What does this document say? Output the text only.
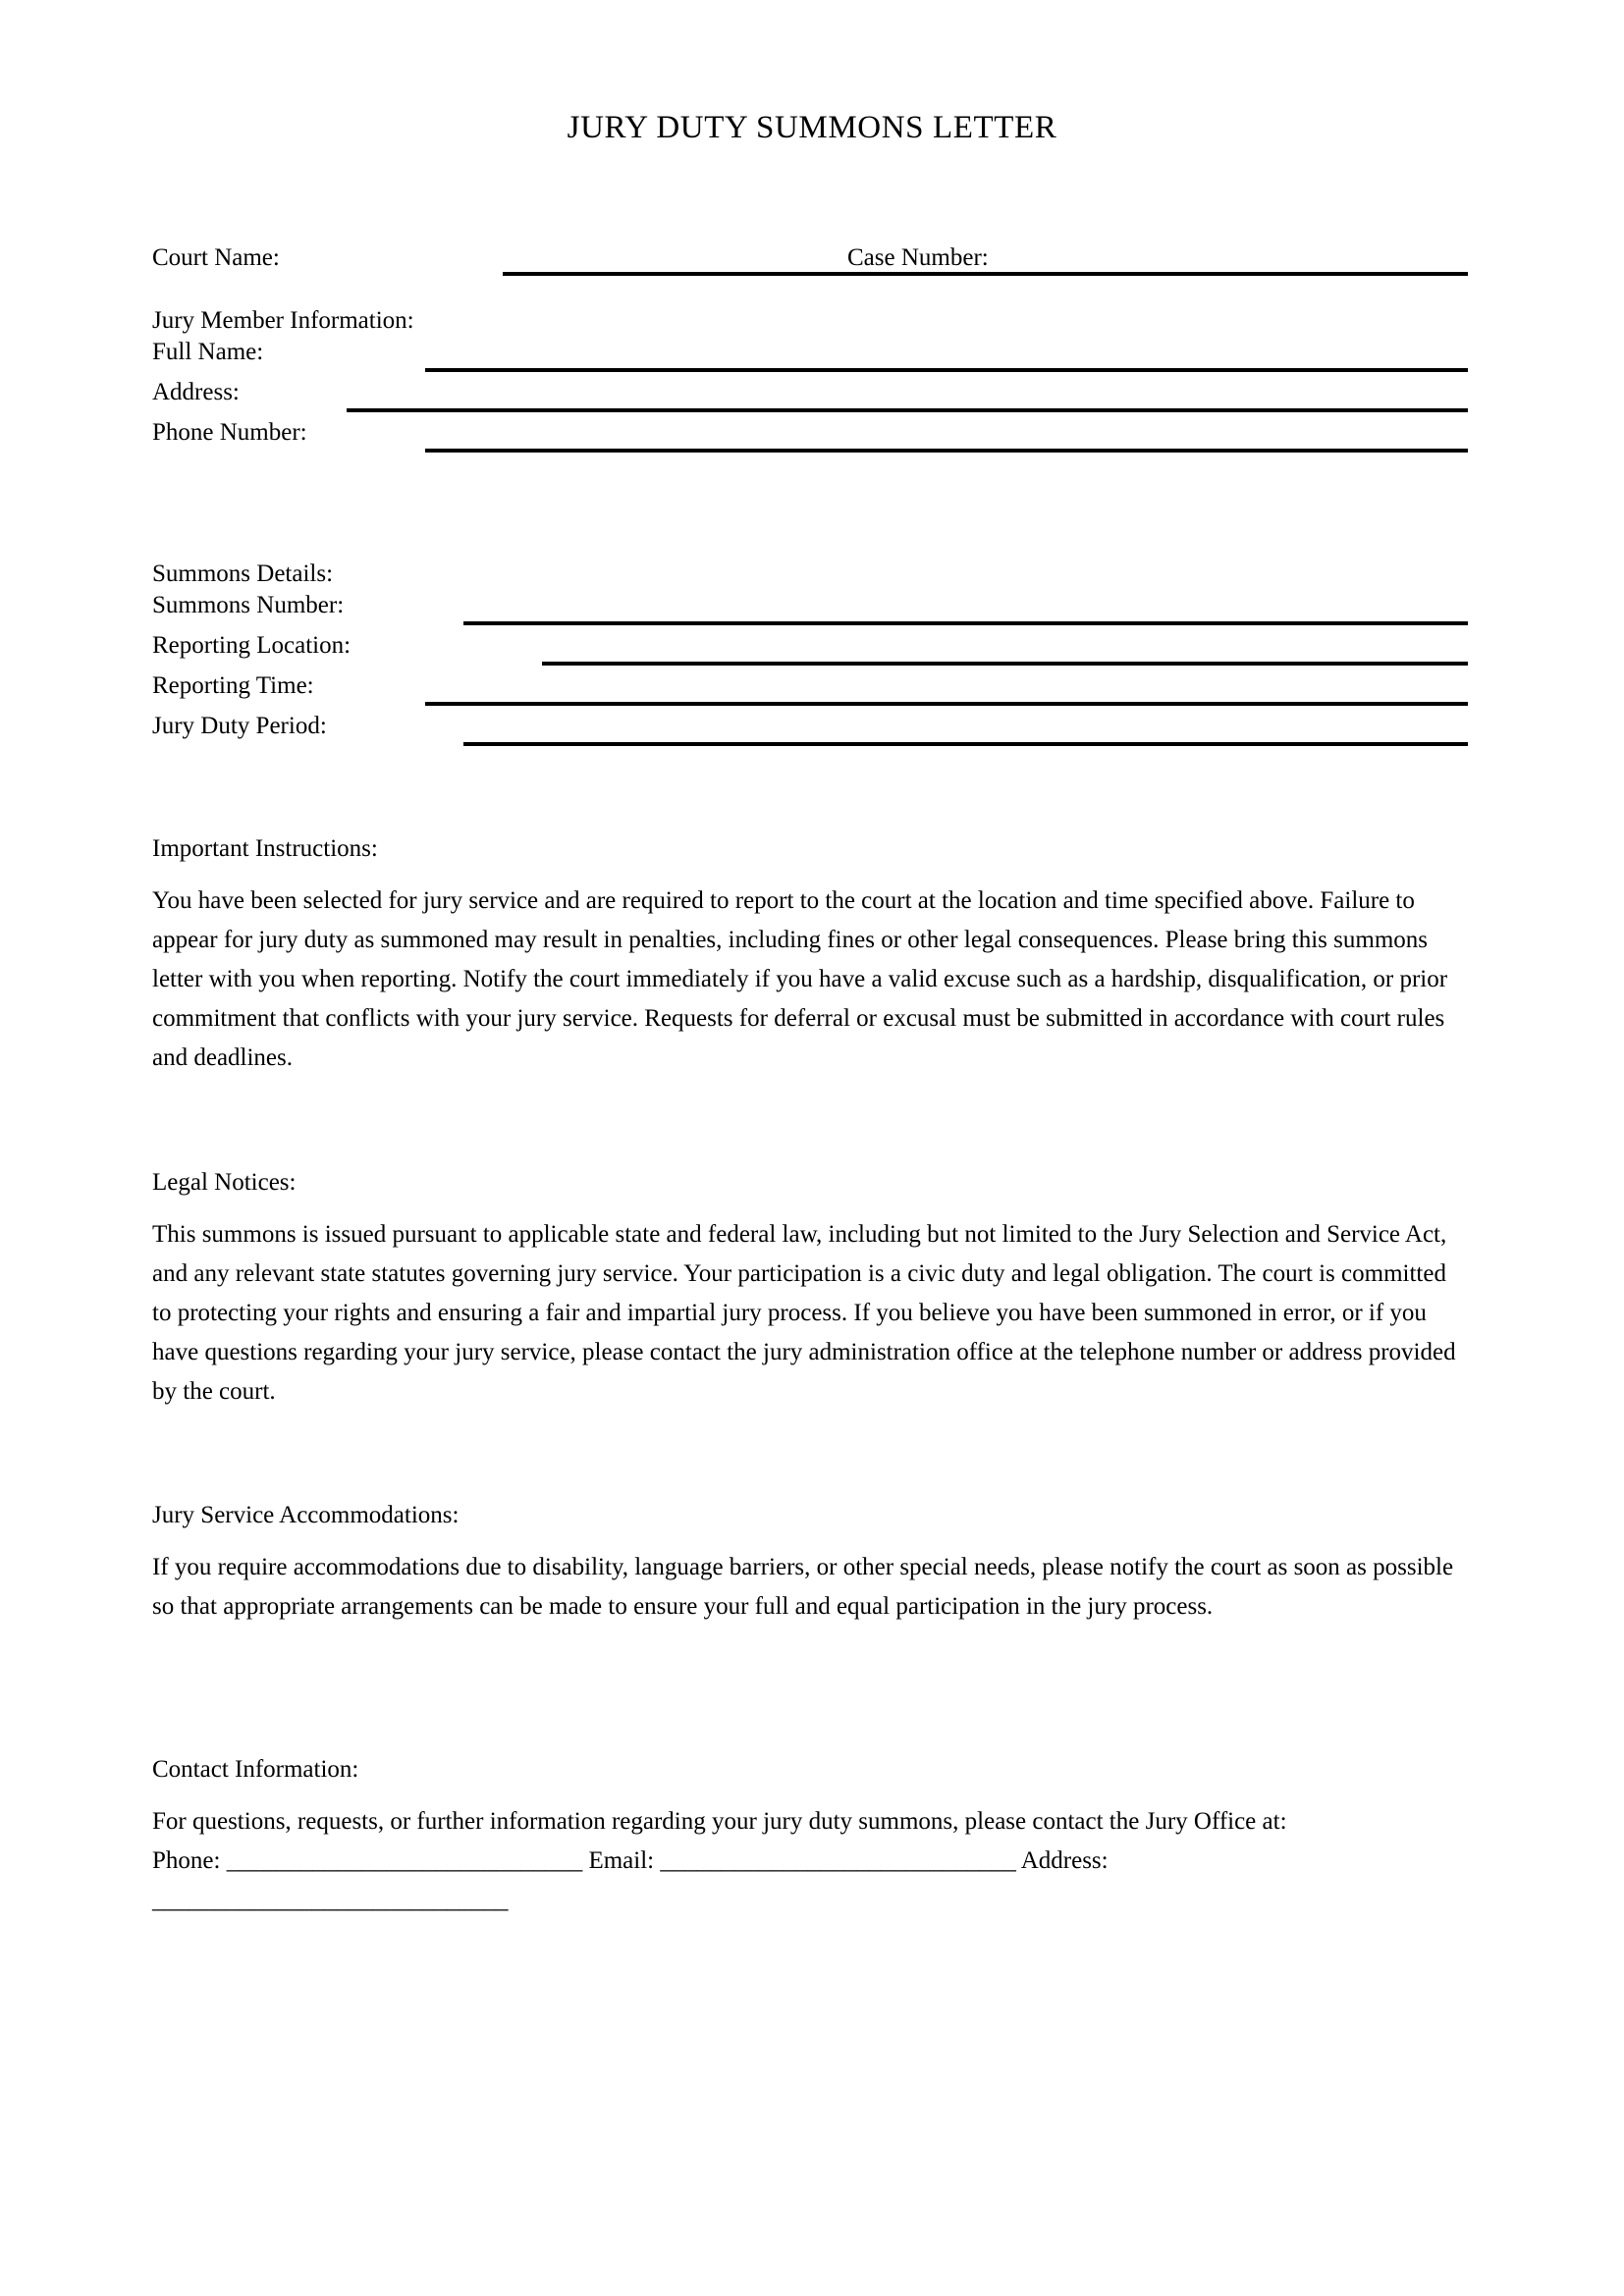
JURY DUTY SUMMONS LETTER
Court Name:	Case Number:
Jury Member Information:
Full Name:
Address:
Phone Number:
Summons Details:
Summons Number:
Reporting Location:
Reporting Time:
Jury Duty Period:
Important Instructions:
You have been selected for jury service and are required to report to the court at the location and time specified above. Failure to appear for jury duty as summoned may result in penalties, including fines or other legal consequences. Please bring this summons letter with you when reporting. Notify the court immediately if you have a valid excuse such as a hardship, disqualification, or prior commitment that conflicts with your jury service. Requests for deferral or excusal must be submitted in accordance with court rules and deadlines.
Legal Notices:
This summons is issued pursuant to applicable state and federal law, including but not limited to the Jury Selection and Service Act, and any relevant state statutes governing jury service. Your participation is a civic duty and legal obligation. The court is committed to protecting your rights and ensuring a fair and impartial jury process. If you believe you have been summoned in error, or if you have questions regarding your jury service, please contact the jury administration office at the telephone number or address provided by the court.
Jury Service Accommodations:
If you require accommodations due to disability, language barriers, or other special needs, please notify the court as soon as possible so that appropriate arrangements can be made to ensure your full and equal participation in the jury process.
Contact Information:
For questions, requests, or further information regarding your jury duty summons, please contact the Jury Office at:
Phone: _____________________________ Email: _____________________________ Address: _____________________________
